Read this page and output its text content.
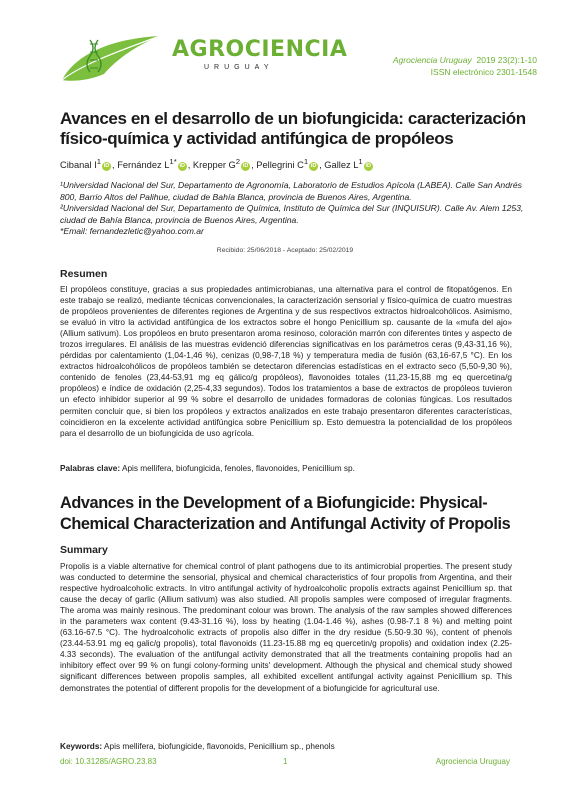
AGROCIENCIA
URUGUAY
Agrociencia Uruguay 2019 23(2):1-10
ISSN electrónico 2301-1548
Avances en el desarrollo de un biofungicida: caracterización físico-química y actividad antifúngica de propóleos
Cibanal $I^1iD$ , Fernández $L^{1*}iD$ , Krepper $G^2iD$ , Pellegrini $C^1iD$ , Gallez $L^1iD$

¹Universidad Nacional del Sur, Departamento de Agronomía, Laboratorio de Estudios Apícola (LABEA). Calle San Andrés 800, Barrio Altos del Palihue, ciudad de Bahía Blanca, provincia de Buenos Aires, Argentina.

²Universidad Nacional del Sur, Departamento de Química, Instituto de Química del Sur (INQUISUR). Calle Av. Alem 1253, ciudad de Bahía Blanca, provincia de Buenos Aires, Argentina.

*Email: fernandezletic@yahoo.com.ar

Recibido: 25/06/2018 - Aceptado: 25/02/2019
Resumen

El propóleos constituye, gracias a sus propiedades antimicrobianas, una alternativa para el control de fitopatógenos. En este trabajo se realizó, mediante técnicas convencionales, la caracterización sensorial y físico-química de cuatro muestras de propóleos provenientes de diferentes regiones de Argentina y de sus respectivos extractos hidroalcohólicos. Asimismo, se evaluó in vitro la actividad antifúngica de los extractos sobre el hongo Penicillium sp. causante de la «mufa del ajo» (Allium sativum). Los propóleos en bruto presentaron aroma resinoso, coloración marrón con diferentes tintes y aspecto de trozos irregulares. El análisis de las muestras evidenció diferencias significativas en los parámetros ceras (9,43-31,16 %), pérdidas por calentamiento (1,04-1,46 %), cenizas (0,98-7,18 %) y temperatura media de fusión (63,16-67,5 °C). En los extractos hidroalcohólicos de propóleos también se detectaron diferencias estadísticas en el extracto seco (5,50-9,30 %), contenido de fenoles (23,44-53,91 mg eq gálico/g propóleos), flavonoides totales (11,23-15,88 mg eq quercetina/g propóleos) e índice de oxidación (2,25-4,33 segundos). Todos los tratamientos a base de extractos de propóleos tuvieron un efecto inhibidor superior al 99 % sobre el desarrollo de unidades formadoras de colonias fúngicas. Los resultados permiten concluir que, si bien los propóleos y extractos analizados en este trabajo presentaron diferentes características, coincidieron en la excelente actividad antifúngica sobre Penicillium sp. Esto demuestra la potencialidad de los propóleos para el desarrollo de un biofungicida de uso agrícola.

Palabras clave: Apis mellifera, biofungicida, fenoles, flavonoides, Penicillium sp.
Advances in the Development of a Biofungicide: Physical-Chemical Characterization and Antifungal Activity of Propolis
Summary

Propolis is a viable alternative for chemical control of plant pathogens due to its antimicrobial properties. The present study was conducted to determine the sensorial, physical and chemical characteristics of four propolis from Argentina, and their respective hydroalcoholic extracts. In vitro antifungal activity of hydroalcoholic propolis extracts against Penicillium sp. that cause the decay of garlic (Allium sativum) was also studied. All propolis samples were composed of irregular fragments. The aroma was mainly resinous. The predominant colour was brown. The analysis of the raw samples showed differences in the parameters wax content (9.43-31.16 %), loss by heating (1.04-1.46 %), ashes (0.98-7.1 8 %) and melting point (63.16-67.5 °C). The hydroalcoholic extracts of propolis also differ in the dry residue (5.50-9.30 %), content of phenols (23.44-53.91 mg eq galic/g propolis), total flavonoids (11.23-15.88 mg eq quercetin/g propolis) and oxidation index (2.25-4.33 seconds). The evaluation of the antifungal activity demonstrated that all the treatments containing propolis had an inhibitory effect over 99 % on fungi colony-forming units' development. Although the physical and chemical study showed significant differences between propolis samples, all exhibited excellent antifungal activity against Penicillium sp. This demonstrates the potential of different propolis for the development of a biofungicide for agricultural use.

Keywords: Apis mellifera, biofungicide, flavonoids, Penicillium sp., phenols
doi: 10.31285/AGRO.23.83	1	Agrociencia Uruguay
